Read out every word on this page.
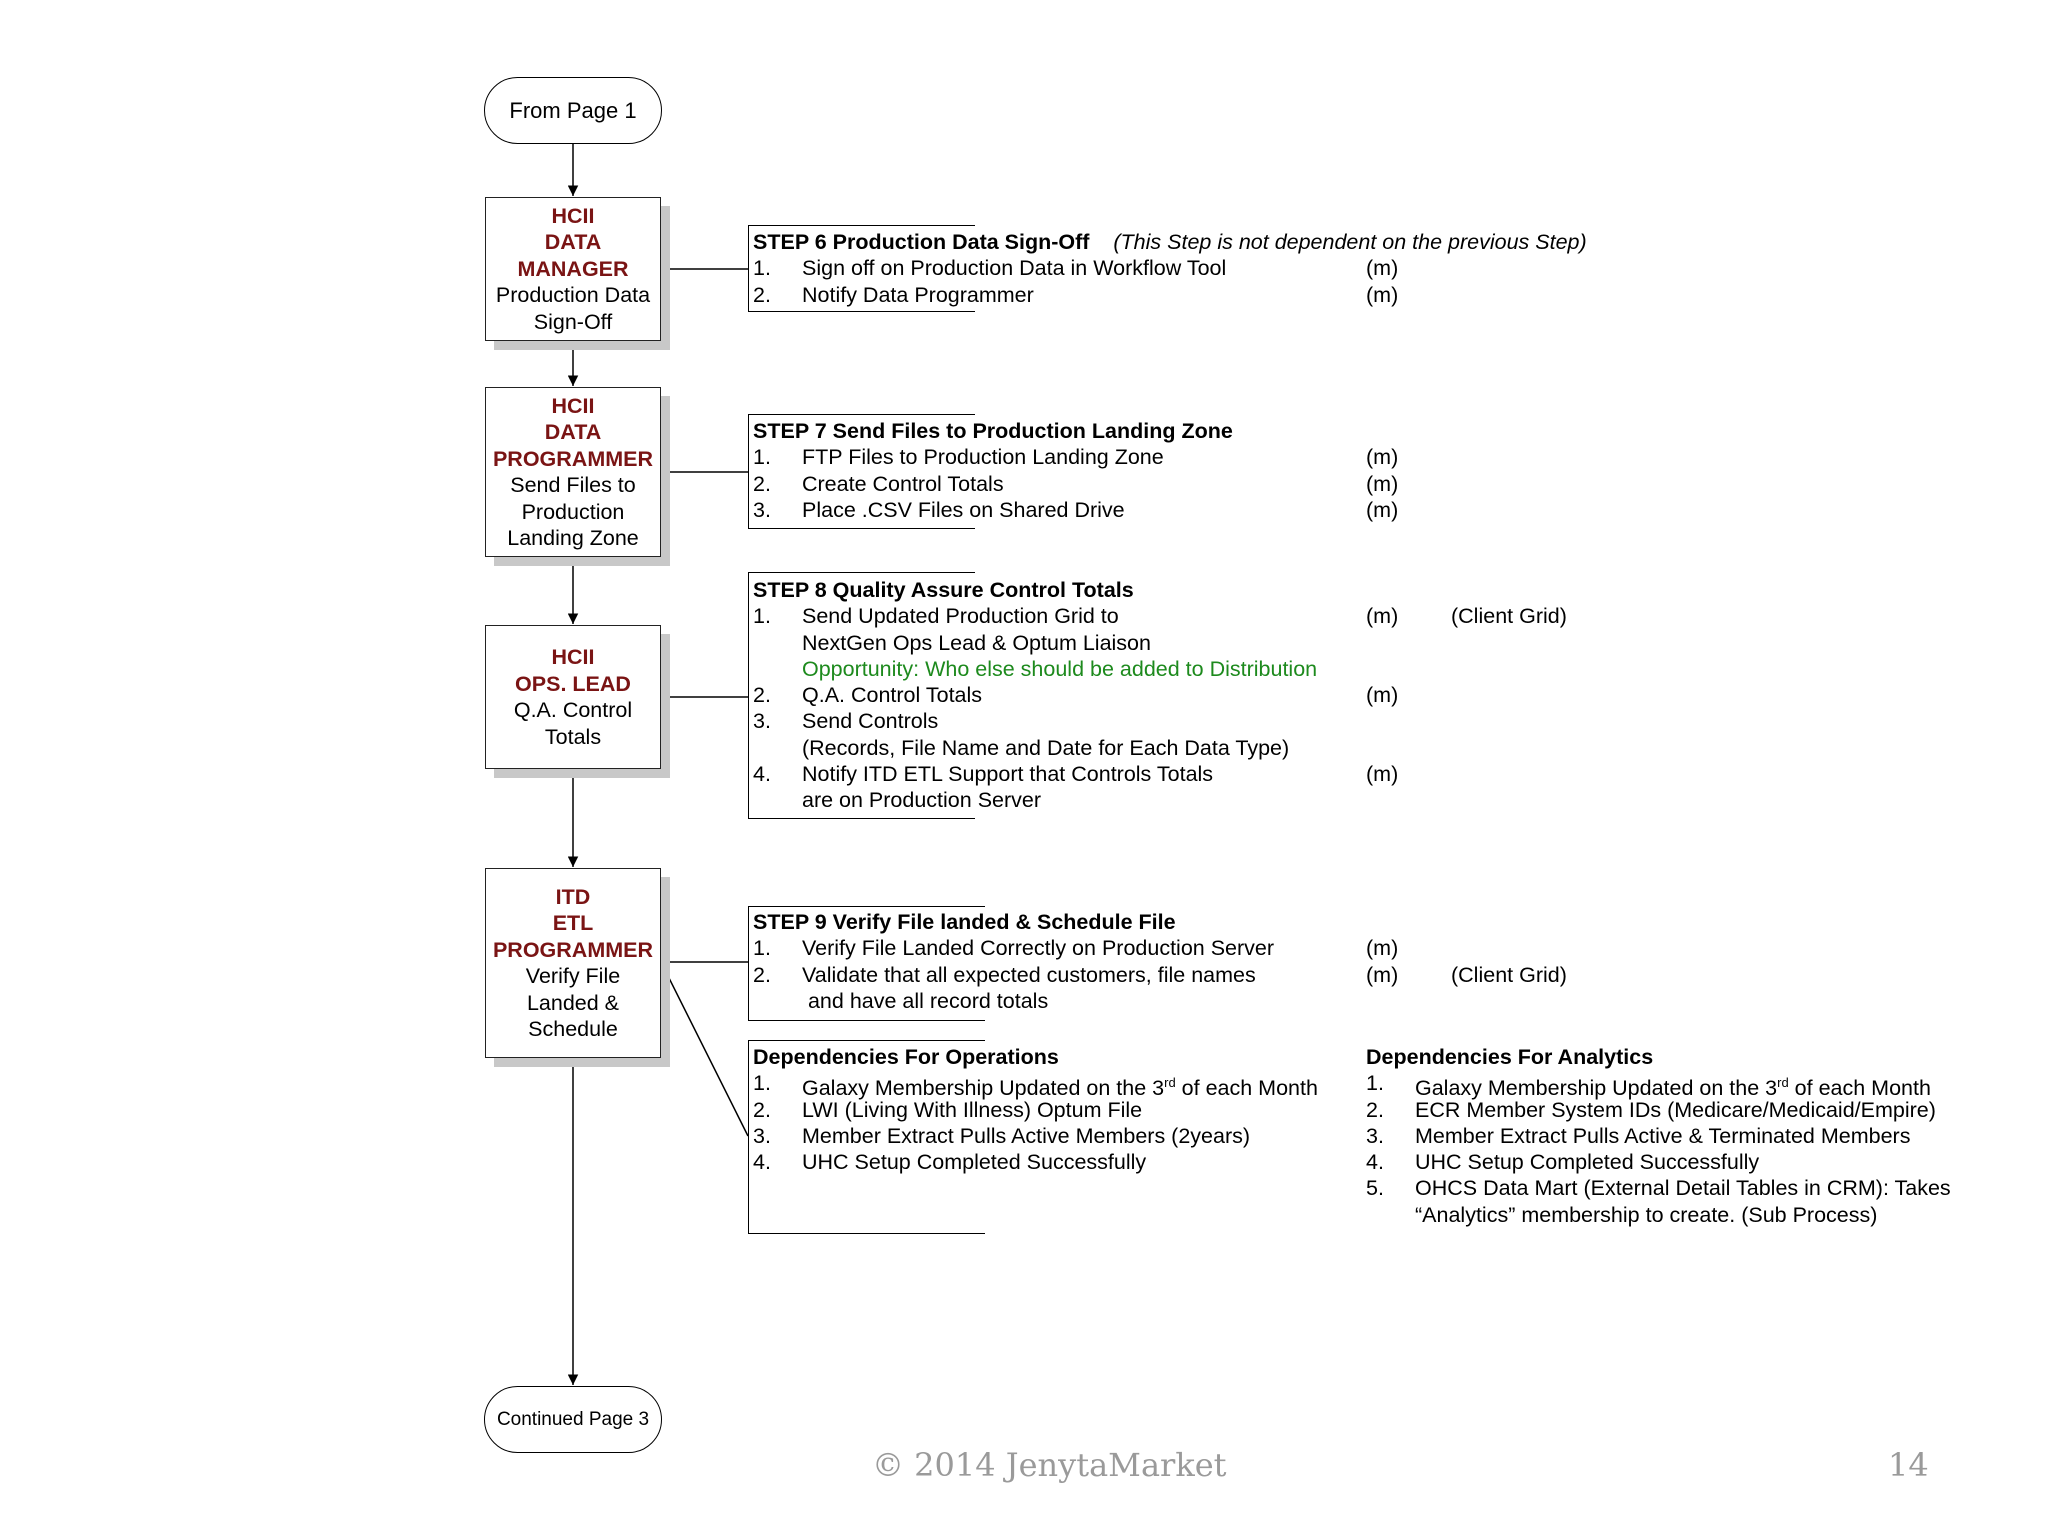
From Page 1
HCII
DATA
MANAGER
Production Data
Sign-Off
HCII
DATA
PROGRAMMER
Send Files to
Production
Landing Zone
HCII
OPS. LEAD
Q.A. Control
Totals
ITD
ETL
PROGRAMMER
Verify File
Landed &
Schedule
Continued Page 3
STEP 6 Production Data Sign-Off (This Step is not dependent on the previous Step)
1. Sign off on Production Data in Workflow Tool	(m)
2. Notify Data Programmer	(m)
STEP 7 Send Files to Production Landing Zone
1. FTP Files to Production Landing Zone	(m)
2. Create Control Totals	(m)
3. Place .CSV Files on Shared Drive	(m)
STEP 8 Quality Assure Control Totals
1. Send Updated Production Grid to	(m) (Client Grid)
NextGen Ops Lead & Optum Liaison
Opportunity: Who else should be added to Distribution
2. Q.A. Control Totals	(m)
3. Send Controls
(Records, File Name and Date for Each Data Type)
4. Notify ITD ETL Support that Controls Totals	(m)
are on Production Server
STEP 9 Verify File landed & Schedule File
1. Verify File Landed Correctly on Production Server	(m)
2. Validate that all expected customers, file names	(m) (Client Grid)
and have all record totals
Dependencies For Operations
1. Galaxy Membership Updated on the 3rd of each Month
2. LWI (Living With Illness) Optum File
3. Member Extract Pulls Active Members (2years)
4. UHC Setup Completed Successfully
Dependencies For Analytics
1. Galaxy Membership Updated on the 3rd of each Month
2. ECR Member System IDs (Medicare/Medicaid/Empire)
3. Member Extract Pulls Active & Terminated Members
4. UHC Setup Completed Successfully
5. OHCS Data Mart (External Detail Tables in CRM): Takes
“Analytics” membership to create. (Sub Process)
© 2014 JenytaMarket	14
